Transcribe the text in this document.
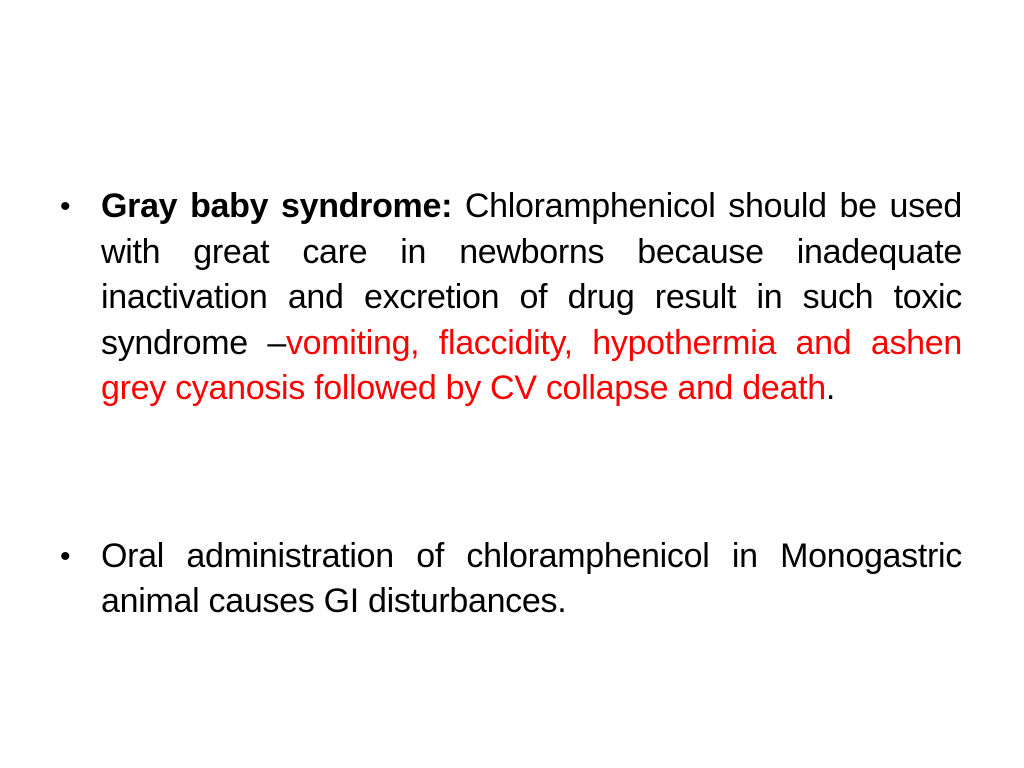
• Gray baby syndrome: Chloramphenicol should be used with great care in newborns because inadequate inactivation and excretion of drug result in such toxic syndrome –vomiting, flaccidity, hypothermia and ashen grey cyanosis followed by CV collapse and death.
• Oral administration of chloramphenicol in Monogastric animal causes GI disturbances.
